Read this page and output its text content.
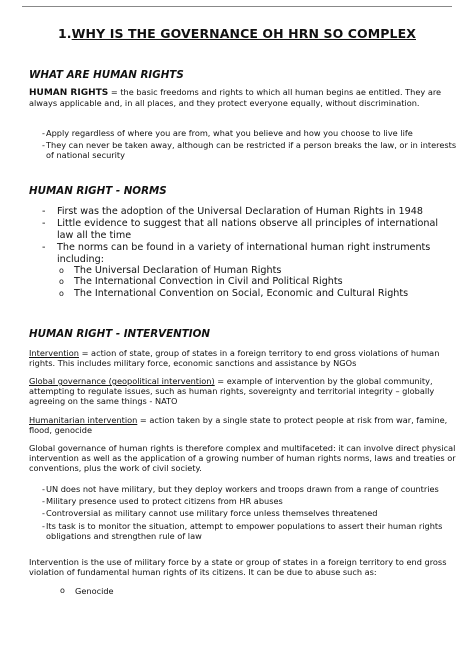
1.WHY IS THE GOVERNANCE OH HRN SO COMPLEX
WHAT ARE HUMAN RIGHTS
HUMAN RIGHTS = the basic freedoms and rights to which all human begins ae entitled. They are always applicable and, in all places, and they protect everyone equally, without discrimination.
- Apply regardless of where you are from, what you believe and how you choose to live life
- They can never be taken away, although can be restricted if a person breaks the law, or in interests of national security
HUMAN RIGHT - NORMS
- First was the adoption of the Universal Declaration of Human Rights in 1948
- Little evidence to suggest that all nations observe all principles of international law all the time
- The norms can be found in a variety of international human right instruments including:
o The Universal Declaration of Human Rights
o The International Convection in Civil and Political Rights
o The International Convention on Social, Economic and Cultural Rights
HUMAN RIGHT - INTERVENTION
Intervention = action of state, group of states in a foreign territory to end gross violations of human rights. This includes military force, economic sanctions and assistance by NGOs
Global governance (geopolitical intervention) = example of intervention by the global community, attempting to regulate issues, such as human rights, sovereignty and territorial integrity – globally agreeing on the same things - NATO
Humanitarian intervention = action taken by a single state to protect people at risk from war, famine, flood, genocide
Global governance of human rights is therefore complex and multifaceted: it can involve direct physical intervention as well as the application of a growing number of human rights norms, laws and treaties or conventions, plus the work of civil society.
- UN does not have military, but they deploy workers and troops drawn from a range of countries
- Military presence used to protect citizens from HR abuses
- Controversial as military cannot use military force unless themselves threatened
- Its task is to monitor the situation, attempt to empower populations to assert their human rights obligations and strengthen rule of law
Intervention is the use of military force by a state or group of states in a foreign territory to end gross violation of fundamental human rights of its citizens. It can be due to abuse such as:
o Genocide
